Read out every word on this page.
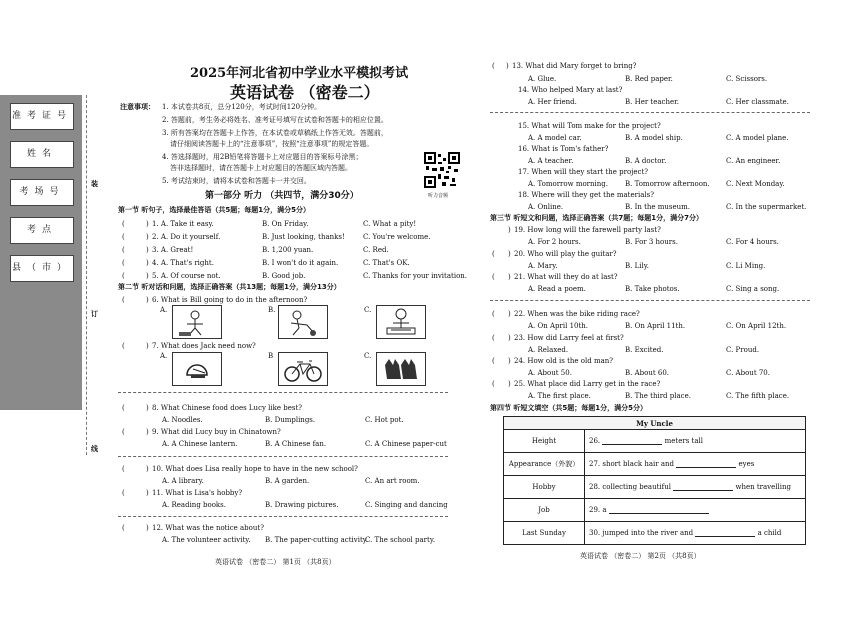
准考证号
姓名
考场号
考点
县（市）
装
订
线
2025年河北省初中学业水平模拟考试
英语试卷 （密卷二）
注意事项： 1. 本试卷共8页，总分120分，考试时间120分钟。
2. 答题前，考生务必将姓名、准考证号填写在试卷和答题卡的相应位置。
3. 所有答案均在答题卡上作答，在本试卷或草稿纸上作答无效。答题前，
请仔细阅读答题卡上的“注意事项”，按照“注意事项”的规定答题。
4. 答选择题时，用2B铅笔将答题卡上对应题目的答案标号涂黑；
答非选择题时，请在答题卡上对应题目的答题区域内答题。
5. 考试结束时，请将本试卷和答题卡一并交回。
听力音频
第一部分 听力 （共四节，满分30分）
第一节 听句子，选择最佳答语（共5题；每题1分，满分5分）
(	) 1. A. Take it easy.	B. On Friday.	C. What a pity!
(	) 2. A. Do it yourself.	B. Just looking, thanks!	C. You're welcome.
(	) 3. A. Great!	B. 1,200 yuan.	C. Red.
(	) 4. A. That's right.	B. I won't do it again.	C. That's OK.
(	) 5. A. Of course not.	B. Good job.	C. Thanks for your invitation.
第二节 听对话和问题，选择正确答案（共13题；每题1分，满分13分）
(	) 6. What is Bill going to do in the afternoon?
A.	B.	C.
(	) 7. What does Jack need now?
A.	B	C.
(	) 8. What Chinese food does Lucy like best?
A. Noodles.	B. Dumplings.	C. Hot pot.
(	) 9. What did Lucy buy in Chinatown?
A. A Chinese lantern.	B. A Chinese fan.	C. A Chinese paper-cut
(	) 10. What does Lisa really hope to have in the new school?
A. A library.	B. A garden.	C. An art room.
(	) 11. What is Lisa's hobby?
A. Reading books.	B. Drawing pictures.	C. Singing and dancing
(	) 12. What was the notice about?
A. The volunteer activity. B. The paper-cutting activity.
C. The school party.
英语试卷 （密卷二） 第1页 （共8页）
( ) 13. What did Mary forget to bring?
A. Glue.	B. Red paper.	C. Scissors.
14. Who helped Mary at last?
A. Her friend.	B. Her teacher.	C. Her classmate.
15. What will Tom make for the project?
A. A model car.	B. A model ship.	C. A model plane.
16. What is Tom's father?
A. A teacher.	B. A doctor.	C. An engineer.
17. When will they start the project?
A. Tomorrow morning. B. Tomorrow afternoon. C. Next Monday.
18. Where will they get the materials?
A. Online.	B. In the museum.	C. In the supermarket.
第三节 听短文和问题，选择正确答案（共7题；每题1分，满分7分）
) 19. How long will the farewell party last?
A. For 2 hours.	B. For 3 hours.	C. For 4 hours.
( ) 20. Who will play the guitar?
A. Mary.	B. Lily.	C. Li Ming.
( ) 21. What will they do at last?
A. Read a poem.	B. Take photos.	C. Sing a song.
( ) 22. When was the bike riding race?
A. On April 10th.	B. On April 11th.	C. On April 12th.
( ) 23. How did Larry feel at first?
A. Relaxed.	B. Excited.	C. Proud.
( ) 24. How old is the old man?
A. About 50.	B. About 60.	C. About 70.
( ) 25. What place did Larry get in the race?
A. The first place.	B. The third place.	C. The fifth place.
第四节 听短文填空（共5题；每题1分，满分5分）
My Uncle	
Height	26. meters tall
Appearance（外貌）	27. short black hair and eyes
Hobby	28. collecting beautiful when travelling
Job	29. a
Last Sunday	30. jumped into the river and a child
英语试卷 （密卷二） 第2页 （共8页）
